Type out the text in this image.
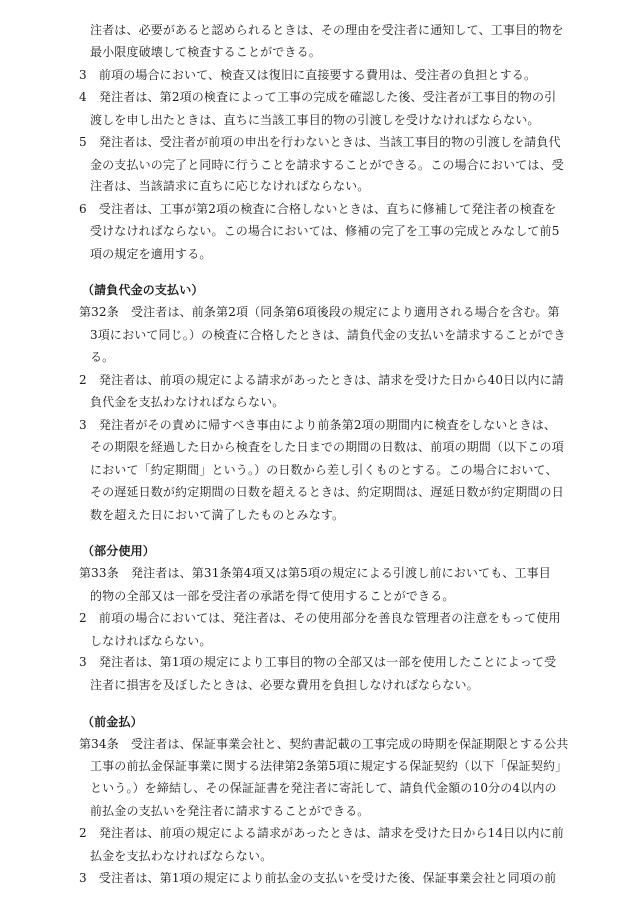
注者は、必要があると認められるときは、その理由を受注者に通知して、工事目的物を
最小限度破壊して検査することができる。
3　前項の場合において、検査又は復旧に直接要する費用は、受注者の負担とする。
4　発注者は、第2項の検査によって工事の完成を確認した後、受注者が工事目的物の引
渡しを申し出たときは、直ちに当該工事目的物の引渡しを受けなければならない。
5　発注者は、受注者が前項の申出を行わないときは、当該工事目的物の引渡しを請負代
金の支払いの完了と同時に行うことを請求することができる。この場合においては、受
注者は、当該請求に直ちに応じなければならない。
6　受注者は、工事が第2項の検査に合格しないときは、直ちに修補して発注者の検査を
受けなければならない。この場合においては、修補の完了を工事の完成とみなして前5
項の規定を適用する。
（請負代金の支払い）
第32条　受注者は、前条第2項（同条第6項後段の規定により適用される場合を含む。第
3項において同じ。）の検査に合格したときは、請負代金の支払いを請求することができ
る。
2　発注者は、前項の規定による請求があったときは、請求を受けた日から40日以内に請
負代金を支払わなければならない。
3　発注者がその責めに帰すべき事由により前条第2項の期間内に検査をしないときは、
その期限を経過した日から検査をした日までの期間の日数は、前項の期間（以下この項
において「約定期間」という。）の日数から差し引くものとする。この場合において、
その遅延日数が約定期間の日数を超えるときは、約定期間は、遅延日数が約定期間の日
数を超えた日において満了したものとみなす。
（部分使用）
第33条　発注者は、第31条第4項又は第5項の規定による引渡し前においても、工事目
的物の全部又は一部を受注者の承諾を得て使用することができる。
2　前項の場合においては、発注者は、その使用部分を善良な管理者の注意をもって使用
しなければならない。
3　発注者は、第1項の規定により工事目的物の全部又は一部を使用したことによって受
注者に損害を及ぼしたときは、必要な費用を負担しなければならない。
（前金払）
第34条　受注者は、保証事業会社と、契約書記載の工事完成の時期を保証期限とする公共
工事の前払金保証事業に関する法律第2条第5項に規定する保証契約（以下「保証契約」
という。）を締結し、その保証証書を発注者に寄託して、請負代金額の10分の4以内の
前払金の支払いを発注者に請求することができる。
2　発注者は、前項の規定による請求があったときは、請求を受けた日から14日以内に前
払金を支払わなければならない。
3　受注者は、第1項の規定により前払金の支払いを受けた後、保証事業会社と同項の前
